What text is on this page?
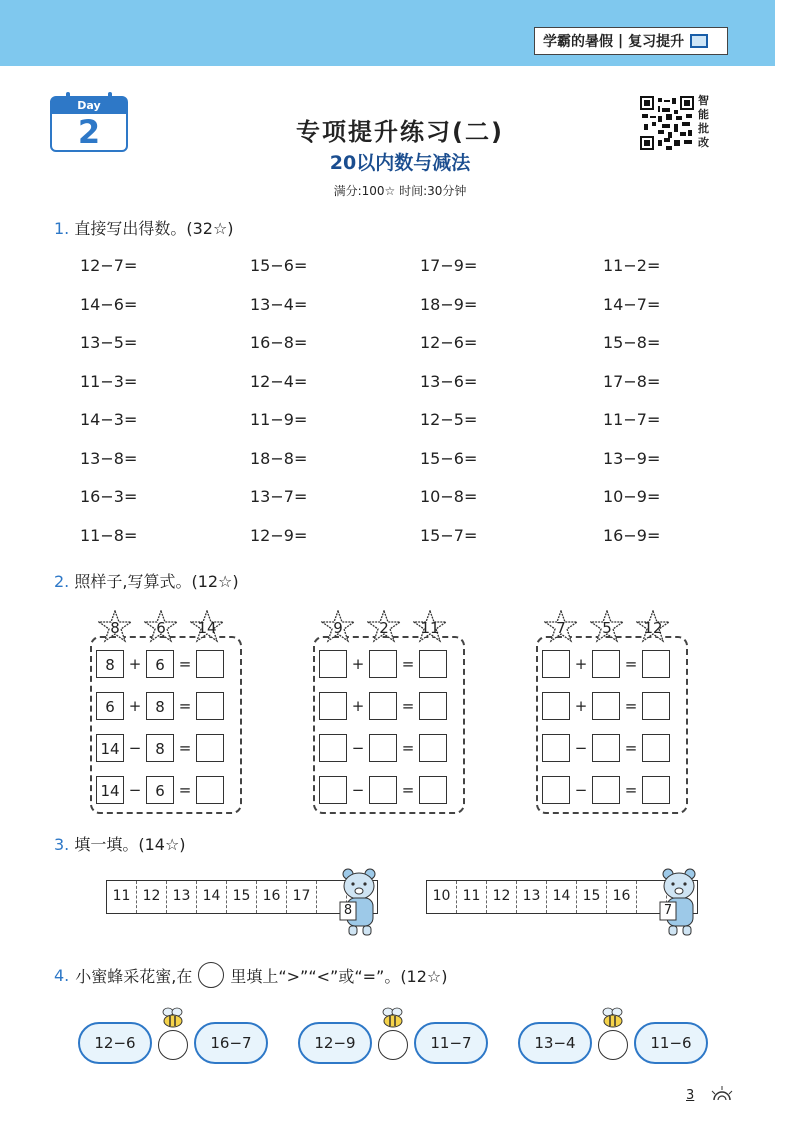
学霸的暑假 | 复习提升
Day
2	专项提升练习(二)
20以内数与减法
满分:100☆ 时间:30分钟
智能批改
1. 直接写出得数。(32☆)
12−7=	15−6=	17−9=	11−2=
14−6=	13−4=	18−9=	14−7=
13−5=	16−8=	12−6=	15−8=
11−3=	12−4=	13−6=	17−8=
14−3=	11−9=	12−5=	11−7=
13−8=	18−8=	15−6=	13−9=
16−3=	13−7=	10−8=	10−9=
11−8=	12−9=	15−7=	16−9=
2. 照样子,写算式。(12☆)
8	6	14
8 + 6 =
6 + 8 =
14 − 8 =
14 − 6 =
9	2	11
+	=
+	=
−	=
−	=
7	5	12
+	=
+	=
−	=
−	=
3. 填一填。(14☆)
11 12 13 14 15 16 17
8
10 11 12 13 14 15 16
7
4. 小蜜蜂采花蜜,在 里填上“>”“<”或“=”。(12☆)
12−6	16−7	12−9	11−7	13−4	11−6
3
